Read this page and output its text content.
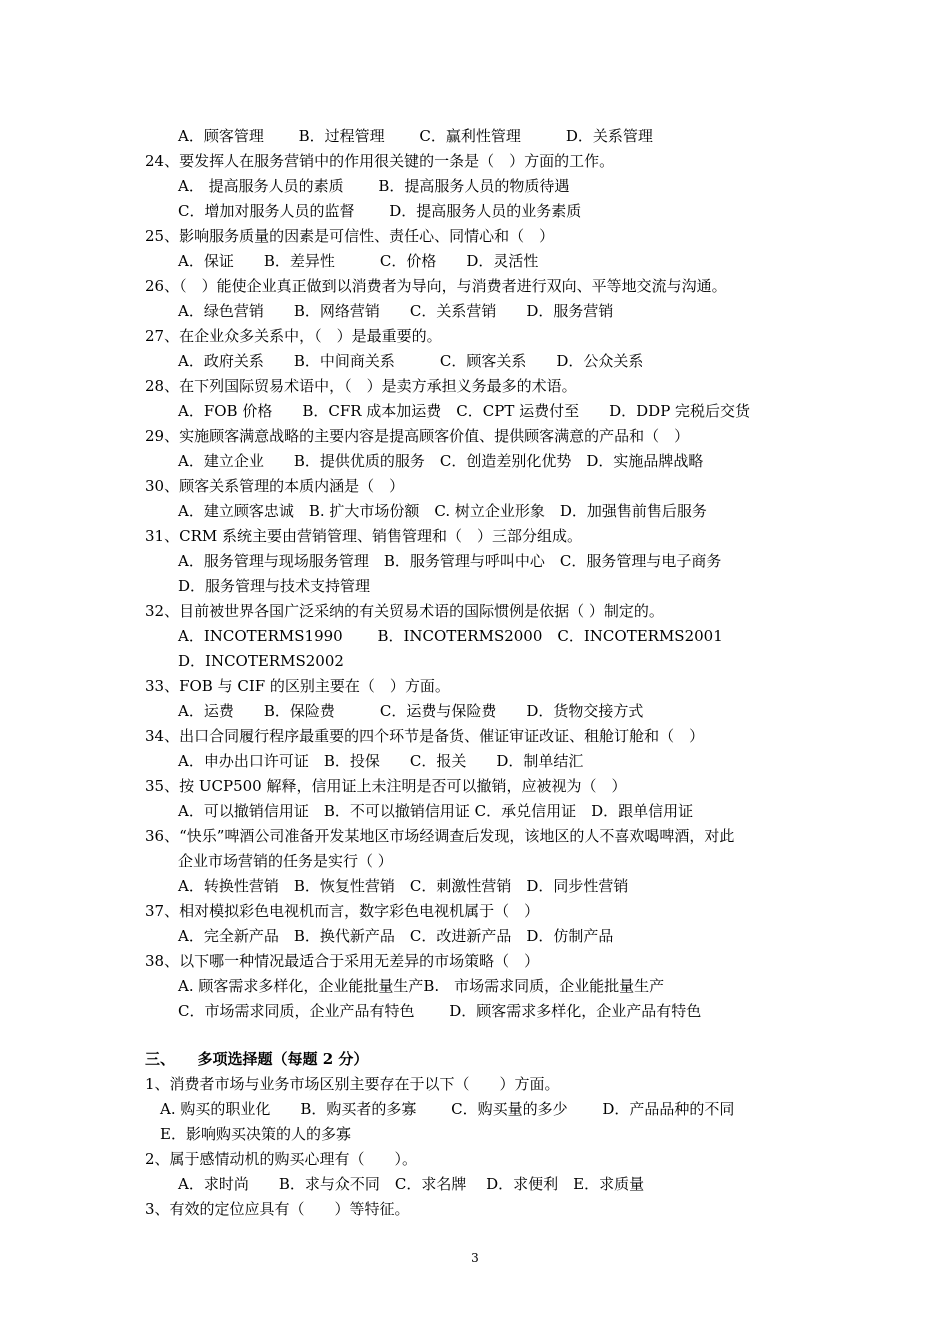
A．顾客管理　　 B．过程管理　　 C．赢利性管理　　　D．关系管理
24、要发挥人在服务营销中的作用很关键的一条是（　）方面的工作。
A． 提高服务人员的素质　　 B．提高服务人员的物质待遇
C．增加对服务人员的监督　　 D．提高服务人员的业务素质
25、影响服务质量的因素是可信性、责任心、同情心和（　）
A．保证　　B．差异性　　　C．价格　　D．灵活性
26、（　）能使企业真正做到以消费者为导向，与消费者进行双向、平等地交流与沟通。
A．绿色营销　　B．网络营销　　C．关系营销　　D．服务营销
27、在企业众多关系中，（　）是最重要的。
A．政府关系　　B．中间商关系　　　C．顾客关系　　D．公众关系
28、在下列国际贸易术语中，（　）是卖方承担义务最多的术语。
A．FOB 价格　　B．CFR 成本加运费　C．CPT 运费付至　　D．DDP 完税后交货
29、实施顾客满意战略的主要内容是提高顾客价值、提供顾客满意的产品和（　）
A．建立企业　　B．提供优质的服务　C．创造差别化优势　D．实施品牌战略
30、顾客关系管理的本质内涵是（　）
A．建立顾客忠诚　B. 扩大市场份额　C. 树立企业形象　D．加强售前售后服务
31、CRM 系统主要由营销管理、销售管理和（　）三部分组成。
A．服务管理与现场服务管理　B．服务管理与呼叫中心　C．服务管理与电子商务
D．服务管理与技术支持管理
32、目前被世界各国广泛采纳的有关贸易术语的国际惯例是依据（ ）制定的。
A．INCOTERMS1990　　 B．INCOTERMS2000　C．INCOTERMS2001
D．INCOTERMS2002
33、FOB 与 CIF 的区别主要在（　）方面。
A．运费　　B．保险费　　　C．运费与保险费　　D．货物交接方式
34、出口合同履行程序最重要的四个环节是备货、催证审证改证、租舱订舱和（　）
A．申办出口许可证　B．投保　　C．报关　　D．制单结汇
35、按 UCP500 解释，信用证上未注明是否可以撤销，应被视为（　）
A．可以撤销信用证　B．不可以撤销信用证 C．承兑信用证　D．跟单信用证
36、“快乐”啤酒公司准备开发某地区市场经调查后发现，该地区的人不喜欢喝啤酒，对此
企业市场营销的任务是实行（ ）
A．转换性营销　B．恢复性营销　C．刺激性营销　D．同步性营销
37、相对模拟彩色电视机而言，数字彩色电视机属于（　）
A．完全新产品　B．换代新产品　C．改进新产品　D．仿制产品
38、以下哪一种情况最适合于采用无差异的市场策略（　）
A. 顾客需求多样化，企业能批量生产B.　市场需求同质，企业能批量生产
C．市场需求同质，企业产品有特色　　 D．顾客需求多样化，企业产品有特色
三、　　多项选择题（每题 2 分）
1、消费者市场与业务市场区别主要存在于以下（　　）方面。
A. 购买的职业化　　B．购买者的多寡　　 C．购买量的多少　　 D．产品品种的不同
E．影响购买决策的人的多寡
2、属于感情动机的购买心理有（　　）。
A．求时尚　　B．求与众不同　C．求名牌　 D．求便利　E．求质量
3、有效的定位应具有（　　）等特征。
3
